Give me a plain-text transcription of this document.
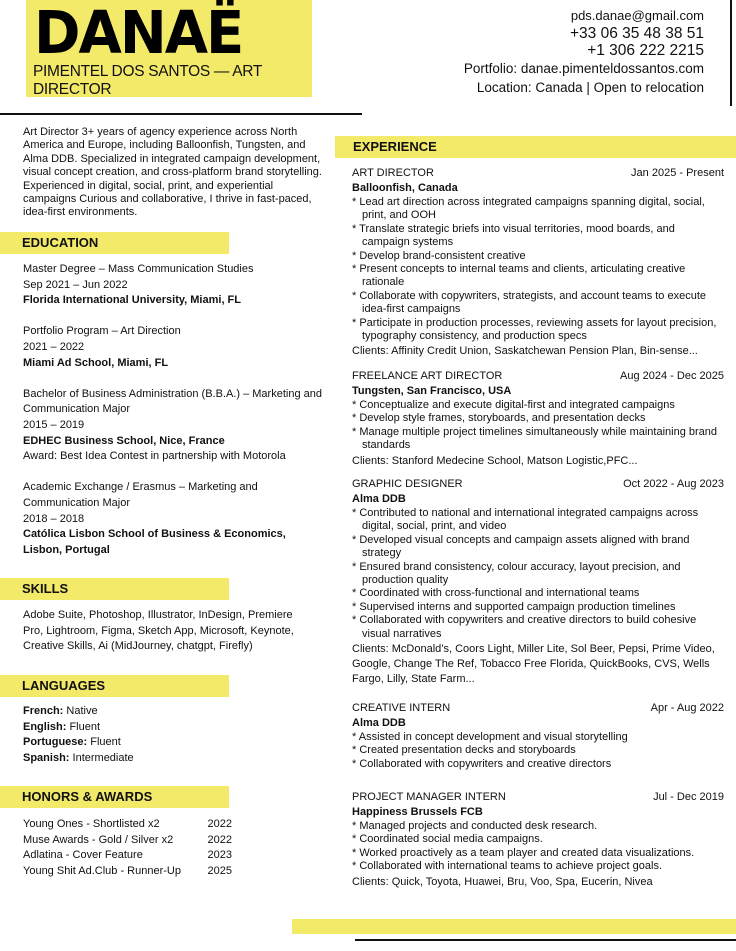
DANAË
PIMENTEL DOS SANTOS — ART DIRECTOR
pds.danae@gmail.com
+33 06 35 48 38 51
+1 306 222 2215
Portfolio: danae.pimenteldossantos.com
Location: Canada | Open to relocation
Art Director 3+ years of agency experience across North America and Europe, including Balloonfish, Tungsten, and Alma DDB. Specialized in integrated campaign development, visual concept creation, and cross-platform brand storytelling. Experienced in digital, social, print, and experiential campaigns Curious and collaborative, I thrive in fast-paced, idea-first environments.
EDUCATION
Master Degree – Mass Communication Studies
Sep 2021 – Jun 2022
Florida International University, Miami, FL
Portfolio Program – Art Direction
2021 – 2022
Miami Ad School, Miami, FL
Bachelor of Business Administration (B.B.A.) – Marketing and Communication Major
2015 – 2019
EDHEC Business School, Nice, France
Award: Best Idea Contest in partnership with Motorola
Academic Exchange / Erasmus – Marketing and Communication Major
2018 – 2018
Católica Lisbon School of Business & Economics, Lisbon, Portugal
SKILLS
Adobe Suite, Photoshop, Illustrator, InDesign, Premiere Pro, Lightroom, Figma, Sketch App, Microsoft, Keynote, Creative Skills, Ai (MidJourney, chatgpt, Firefly)
LANGUAGES
French: Native
English: Fluent
Portuguese: Fluent
Spanish: Intermediate
HONORS & AWARDS
Young Ones - Shortlisted x2	2022
Muse Awards - Gold / Silver x2	2022
Adlatina - Cover Feature	2023
Young Shit Ad.Club - Runner-Up 2025
EXPERIENCE
ART DIRECTOR	Jan 2025 - Present
Balloonfish, Canada
* Lead art direction across integrated campaigns spanning digital, social, print, and OOH
* Translate strategic briefs into visual territories, mood boards, and campaign systems
* Develop brand-consistent creative
* Present concepts to internal teams and clients, articulating creative rationale
* Collaborate with copywriters, strategists, and account teams to execute idea-first campaigns
* Participate in production processes, reviewing assets for layout precision, typography consistency, and production specs
Clients: Affinity Credit Union, Saskatchewan Pension Plan, Bin-sense...
FREELANCE ART DIRECTOR	Aug 2024 - Dec 2025
Tungsten, San Francisco, USA
* Conceptualize and execute digital-first and integrated campaigns
* Develop style frames, storyboards, and presentation decks
* Manage multiple project timelines simultaneously while maintaining brand standards
Clients: Stanford Medecine School, Matson Logistic,PFC...
GRAPHIC DESIGNER	Oct 2022 - Aug 2023
Alma DDB
* Contributed to national and international integrated campaigns across digital, social, print, and video
* Developed visual concepts and campaign assets aligned with brand strategy
* Ensured brand consistency, colour accuracy, layout precision, and production quality
* Coordinated with cross-functional and international teams
* Supervised interns and supported campaign production timelines
* Collaborated with copywriters and creative directors to build cohesive visual narratives
Clients: McDonald’s, Coors Light, Miller Lite, Sol Beer, Pepsi, Prime Video, Google, Change The Ref, Tobacco Free Florida, QuickBooks, CVS, Wells Fargo, Lilly, State Farm...
CREATIVE INTERN	Apr - Aug 2022
Alma DDB
* Assisted in concept development and visual storytelling
* Created presentation decks and storyboards
* Collaborated with copywriters and creative directors
PROJECT MANAGER INTERN	Jul - Dec 2019
Happiness Brussels FCB
* Managed projects and conducted desk research.
* Coordinated social media campaigns.
* Worked proactively as a team player and created data visualizations.
* Collaborated with international teams to achieve project goals.
Clients: Quick, Toyota, Huawei, Bru, Voo, Spa, Eucerin, Nivea
